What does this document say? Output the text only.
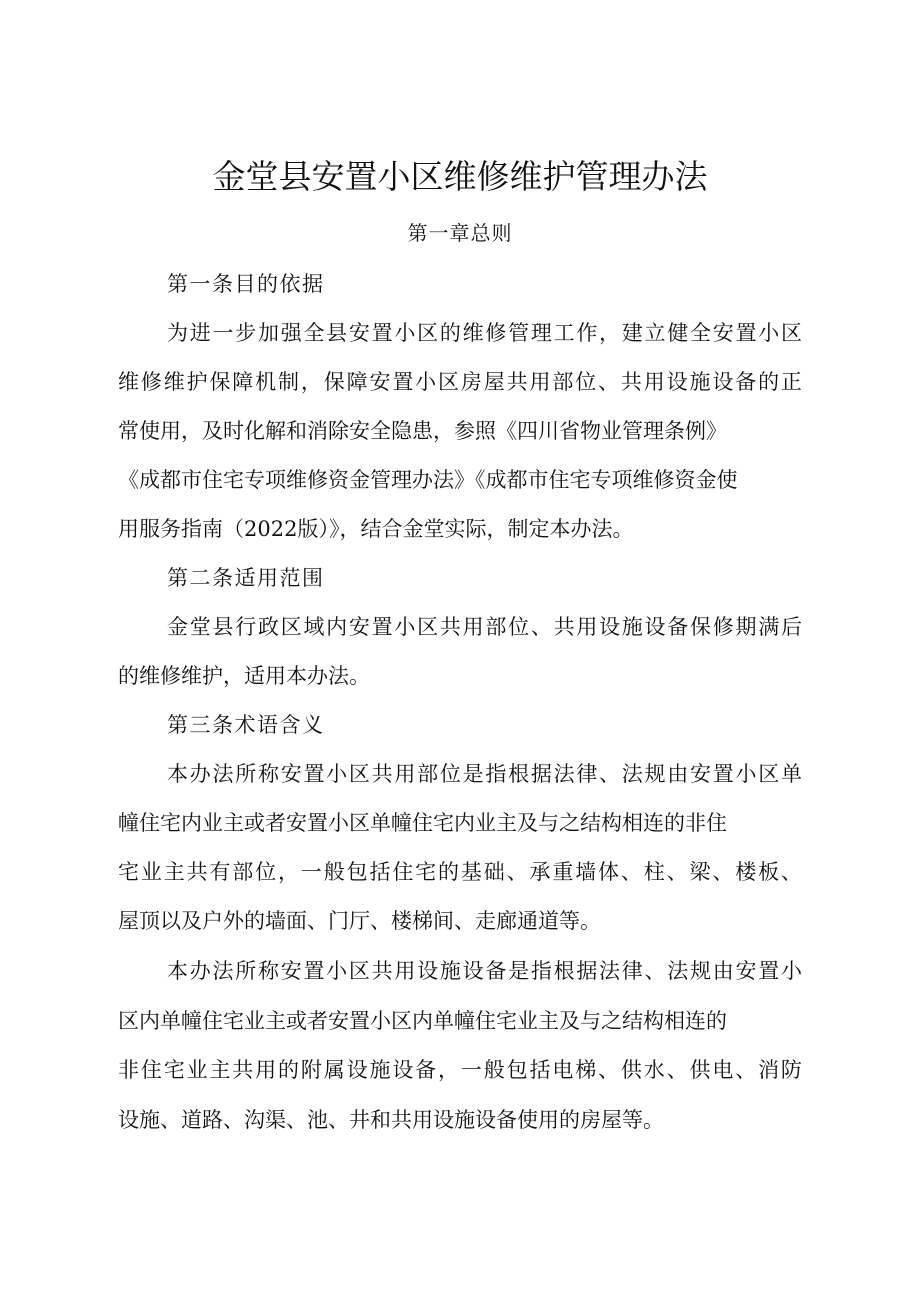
金堂县安置小区维修维护管理办法
第一章总则

第一条目的依据

为进一步加强全县安置小区的维修管理工作，建立健全安置小区

维修维护保障机制，保障安置小区房屋共用部位、共用设施设备的正

常使用，及时化解和消除安全隐患，参照《四川省物业管理条例》

《成都市住宅专项维修资金管理办法》《成都市住宅专项维修资金使

用服务指南（2022版）》，结合金堂实际，制定本办法。

第二条适用范围

金堂县行政区域内安置小区共用部位、共用设施设备保修期满后

的维修维护，适用本办法。

第三条术语含义

本办法所称安置小区共用部位是指根据法律、法规由安置小区单

幢住宅内业主或者安置小区单幢住宅内业主及与之结构相连的非住

宅业主共有部位，一般包括住宅的基础、承重墙体、柱、梁、楼板、

屋顶以及户外的墙面、门厅、楼梯间、走廊通道等。

本办法所称安置小区共用设施设备是指根据法律、法规由安置小

区内单幢住宅业主或者安置小区内单幢住宅业主及与之结构相连的

非住宅业主共用的附属设施设备，一般包括电梯、供水、供电、消防

设施、道路、沟渠、池、井和共用设施设备使用的房屋等。
